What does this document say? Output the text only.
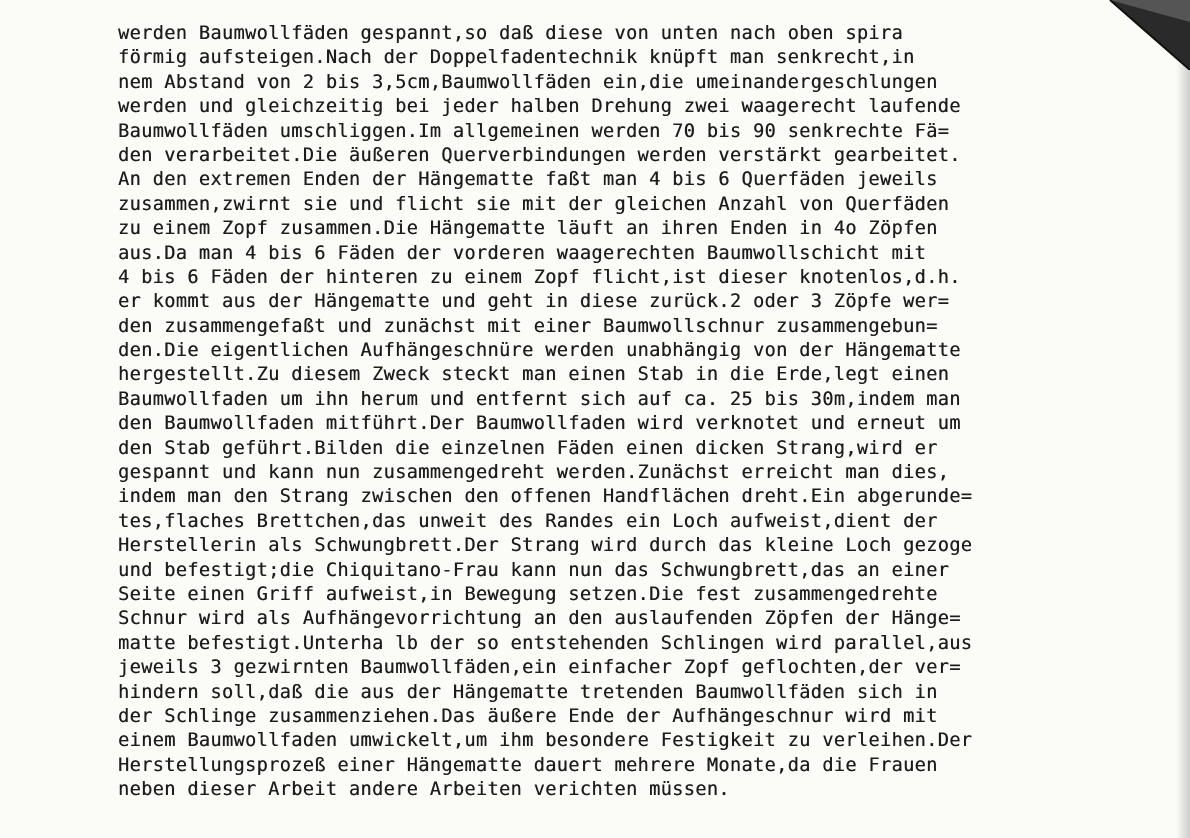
werden Baumwollfäden gespannt,so daß diese von unten nach oben spira
förmig aufsteigen.Nach der Doppelfadentechnik knüpft man senkrecht,in
nem Abstand von 2 bis 3,5cm,Baumwollfäden ein,die umeinandergeschlungen
werden und gleichzeitig bei jeder halben Drehung zwei waagerecht laufende
Baumwollfäden umschliggen.Im allgemeinen werden 70 bis 90 senkrechte Fä=
den verarbeitet.Die äußeren Querverbindungen werden verstärkt gearbeitet.
An den extremen Enden der Hängematte faßt man 4 bis 6 Querfäden jeweils
zusammen,zwirnt sie und flicht sie mit der gleichen Anzahl von Querfäden
zu einem Zopf zusammen.Die Hängematte läuft an ihren Enden in 4o Zöpfen
aus.Da man 4 bis 6 Fäden der vorderen waagerechten Baumwollschicht mit
4 bis 6 Fäden der hinteren zu einem Zopf flicht,ist dieser knotenlos,d.h.
er kommt aus der Hängematte und geht in diese zurück.2 oder 3 Zöpfe wer=
den zusammengefaßt und zunächst mit einer Baumwollschnur zusammengebun=
den.Die eigentlichen Aufhängeschnüre werden unabhängig von der Hängematte
hergestellt.Zu diesem Zweck steckt man einen Stab in die Erde,legt einen
Baumwollfaden um ihn herum und entfernt sich auf ca. 25 bis 30m,indem man
den Baumwollfaden mitführt.Der Baumwollfaden wird verknotet und erneut um
den Stab geführt.Bilden die einzelnen Fäden einen dicken Strang,wird er
gespannt und kann nun zusammengedreht werden.Zunächst erreicht man dies,
indem man den Strang zwischen den offenen Handflächen dreht.Ein abgerunde=
tes,flaches Brettchen,das unweit des Randes ein Loch aufweist,dient der
Herstellerin als Schwungbrett.Der Strang wird durch das kleine Loch gezoge
und befestigt;die Chiquitano-Frau kann nun das Schwungbrett,das an einer
Seite einen Griff aufweist,in Bewegung setzen.Die fest zusammengedrehte
Schnur wird als Aufhängevorrichtung an den auslaufenden Zöpfen der Hänge=
matte befestigt.Unterha lb der so entstehenden Schlingen wird parallel,aus
jeweils 3 gezwirnten Baumwollfäden,ein einfacher Zopf geflochten,der ver=
hindern soll,daß die aus der Hängematte tretenden Baumwollfäden sich in
der Schlinge zusammenziehen.Das äußere Ende der Aufhängeschnur wird mit
einem Baumwollfaden umwickelt,um ihm besondere Festigkeit zu verleihen.Der
Herstellungsprozeß einer Hängematte dauert mehrere Monate,da die Frauen
neben dieser Arbeit andere Arbeiten verichten müssen.
